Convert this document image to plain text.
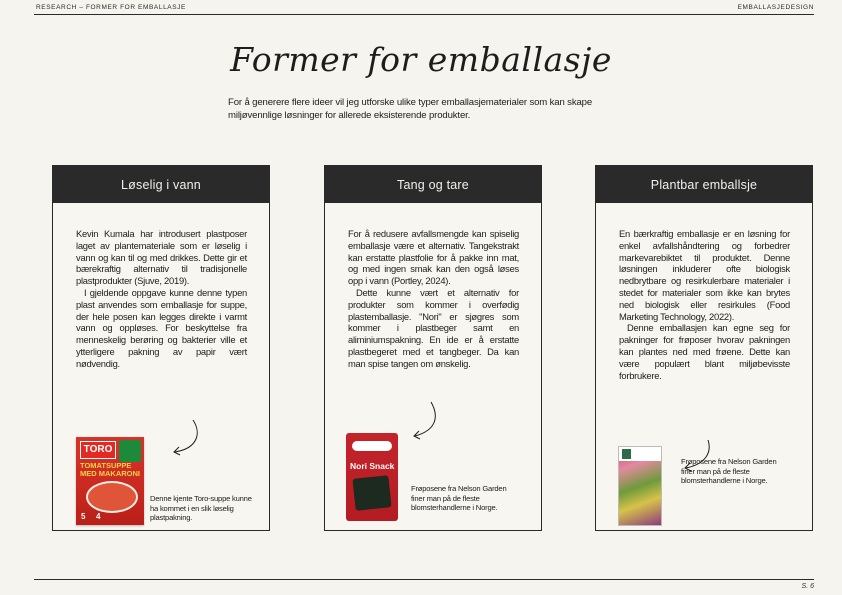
RESEARCH – FORMER FOR EMBALLASJE	EMBALLASJEDESIGN
Former for emballasje

For å generere flere ideer vil jeg utforske ulike typer emballasjematerialer som kan skape miljøvennlige løsninger for allerede eksisterende produkter.

Løselig i vann

Kevin Kumala har introdusert plastposer laget av plantemateriale som er løselig i vann og kan til og med drikkes. Dette gir et bærekraftig alternativ til tradisjonelle plastprodukter (Sjuve, 2019).

I gjeldende oppgave kunne denne typen plast anvendes som emballasje for suppe, der hele posen kan legges direkte i varmt vann og oppløses. For beskyttelse fra menneskelig berøring og bakterier ville et ytterligere pakning av papir vært nødvendig.

TORO
TOMATSUPPE MED MAKARONI
5 4
Denne kjente Toro-suppe kunne ha kommet i en slik løselig plastpakning.
Tang og tare

For å redusere avfallsmengde kan spiselig emballasje være et alternativ. Tangekstrakt kan erstatte plastfolie for å pakke inn mat, og med ingen smak kan den også løses opp i vann (Portley, 2024).

Dette kunne vært et alternativ for produkter som kommer i overfødig plastemballasje. "Nori" er sjøgres som kommer i plastbeger samt en aliminiumspakning. En ide er å erstatte plastbegeret med et tangbeger. Da kan man spise tangen om ønskelig.

Nori Snack
Frøposene fra Nelson Garden finer man på de fleste blomsterhandlerne i Norge.
Plantbar emballsje

En bærkraftig emballasje er en løsning for enkel avfallshåndtering og forbedrer markevarebiktet til produktet. Denne løsningen inkluderer ofte biologisk nedbrytbare og resirkulerbare materialer i stedet for materialer som ikke kan brytes ned biologisk eller resirkules (Food Marketing Technology, 2022).

Denne emballasjen kan egne seg for pakninger for frøposer hvorav pakningen kan plantes ned med frøene. Dette kan være populært blant miljøbevisste forbrukere.

Frøposene fra Nelson Garden finer man på de fleste blomsterhandlerne i Norge.
S. 6
